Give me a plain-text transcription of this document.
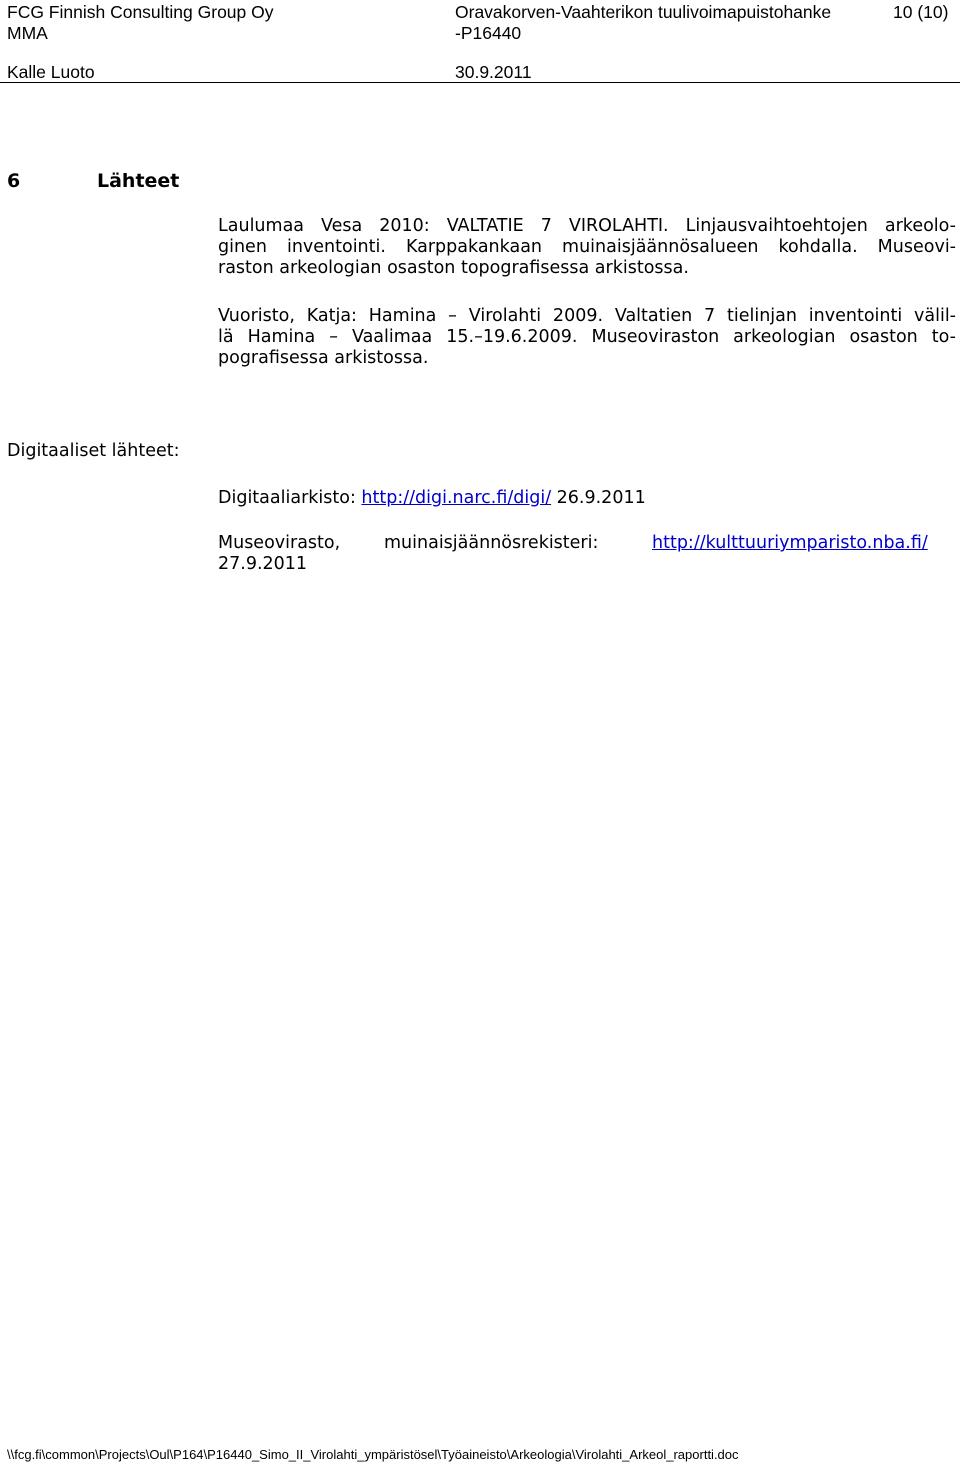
FCG Finnish Consulting Group Oy
MMA
Oravakorven-Vaahterikon tuulivoimapuistohanke
-P16440
10 (10)
Kalle Luoto	30.9.2011
6	Lähteet
Laulumaa Vesa 2010: VALTATIE 7 VIROLAHTI. Linjausvaihtoehtojen arkeolo-
ginen inventointi. Karppakankaan muinaisjäännösalueen kohdalla. Museovi-
raston arkeologian osaston topografisessa arkistossa.
Vuoristo, Katja: Hamina – Virolahti 2009. Valtatien 7 tielinjan inventointi välil-
lä Hamina – Vaalimaa 15.–19.6.2009. Museoviraston arkeologian osaston to-
pografisessa arkistossa.
Digitaaliset lähteet:
Digitaaliarkisto: http://digi.narc.fi/digi/ 26.9.2011
Museovirasto,	muinaisjäännösrekisteri:	http://kulttuuriymparisto.nba.fi/
27.9.2011
\\fcg.fi\common\Projects\Oul\P164\P16440_Simo_II_Virolahti_ympäristösel\Työaineisto\Arkeologia\Virolahti_Arkeol_raportti.doc
